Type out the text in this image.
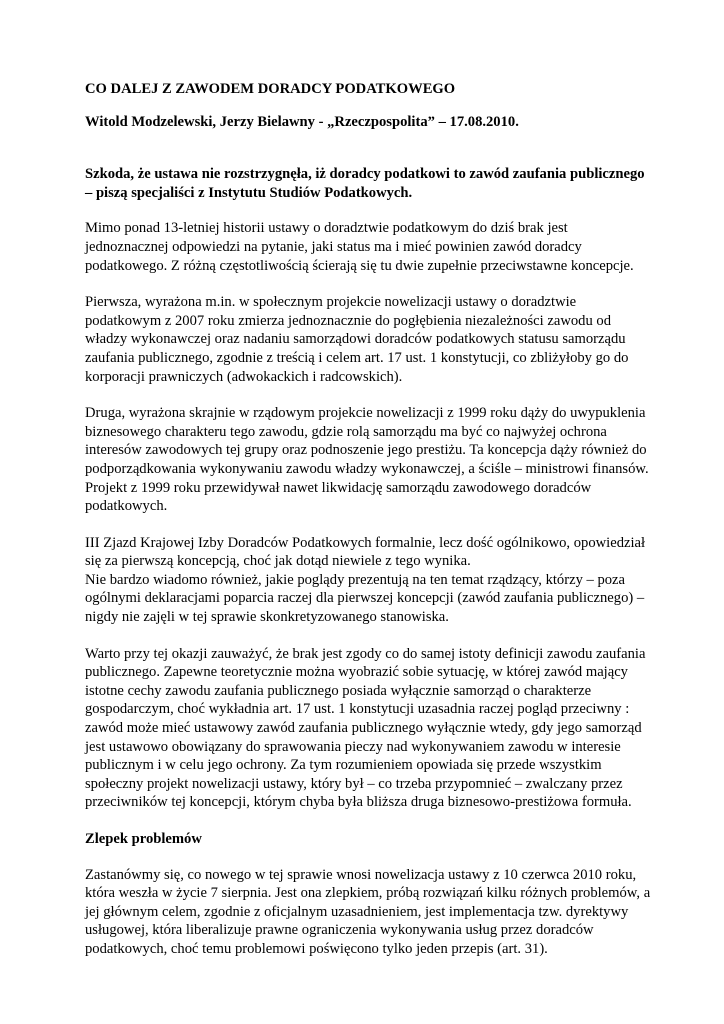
CO DALEJ Z ZAWODEM DORADCY PODATKOWEGO

Witold Modzelewski, Jerzy Bielawny - „Rzeczpospolita” – 17.08.2010.

Szkoda, że ustawa nie rozstrzygnęła, iż doradcy podatkowi to zawód zaufania publicznego – piszą specjaliści z Instytutu Studiów Podatkowych.

Mimo ponad 13-letniej historii ustawy o doradztwie podatkowym do dziś brak jest jednoznacznej odpowiedzi na pytanie, jaki status ma i mieć powinien zawód doradcy podatkowego. Z różną częstotliwością ścierają się tu dwie zupełnie przeciwstawne koncepcje.

Pierwsza, wyrażona m.in. w społecznym projekcie nowelizacji ustawy o doradztwie podatkowym z 2007 roku zmierza jednoznacznie do pogłębienia niezależności zawodu od władzy wykonawczej oraz nadaniu samorządowi doradców podatkowych statusu samorządu zaufania publicznego, zgodnie z treścią i celem art. 17 ust. 1 konstytucji, co zbliżyłoby go do korporacji prawniczych (adwokackich i radcowskich).

Druga, wyrażona skrajnie w rządowym projekcie nowelizacji z 1999 roku dąży do uwypuklenia biznesowego charakteru tego zawodu, gdzie rolą samorządu ma być co najwyżej ochrona interesów zawodowych tej grupy oraz podnoszenie jego prestiżu. Ta koncepcja dąży również do podporządkowania wykonywaniu zawodu władzy wykonawczej, a ściśle – ministrowi finansów. Projekt z 1999 roku przewidywał nawet likwidację samorządu zawodowego doradców podatkowych.

III Zjazd Krajowej Izby Doradców Podatkowych formalnie, lecz dość ogólnikowo, opowiedział się za pierwszą koncepcją, choć jak dotąd niewiele z tego wynika.

Nie bardzo wiadomo również, jakie poglądy prezentują na ten temat rządzący, którzy – poza ogólnymi deklaracjami poparcia raczej dla pierwszej koncepcji (zawód zaufania publicznego) – nigdy nie zajęli w tej sprawie skonkretyzowanego stanowiska.

Warto przy tej okazji zauważyć, że brak jest zgody co do samej istoty definicji zawodu zaufania publicznego. Zapewne teoretycznie można wyobrazić sobie sytuację, w której zawód mający istotne cechy zawodu zaufania publicznego posiada wyłącznie samorząd o charakterze gospodarczym, choć wykładnia art. 17 ust. 1 konstytucji uzasadnia raczej pogląd przeciwny : zawód może mieć ustawowy zawód zaufania publicznego wyłącznie wtedy, gdy jego samorząd jest ustawowo obowiązany do sprawowania pieczy nad wykonywaniem zawodu w interesie publicznym i w celu jego ochrony. Za tym rozumieniem opowiada się przede wszystkim społeczny projekt nowelizacji ustawy, który był – co trzeba przypomnieć – zwalczany przez przeciwników tej koncepcji, którym chyba była bliższa druga biznesowo-prestiżowa formuła.

Zlepek problemów

Zastanówmy się, co nowego w tej sprawie wnosi nowelizacja ustawy z 10 czerwca 2010 roku, która weszła w życie 7 sierpnia. Jest ona zlepkiem, próbą rozwiązań kilku różnych problemów, a jej głównym celem, zgodnie z oficjalnym uzasadnieniem, jest implementacja tzw. dyrektywy usługowej, która liberalizuje prawne ograniczenia wykonywania usług przez doradców podatkowych, choć temu problemowi poświęcono tylko jeden przepis (art. 31).
